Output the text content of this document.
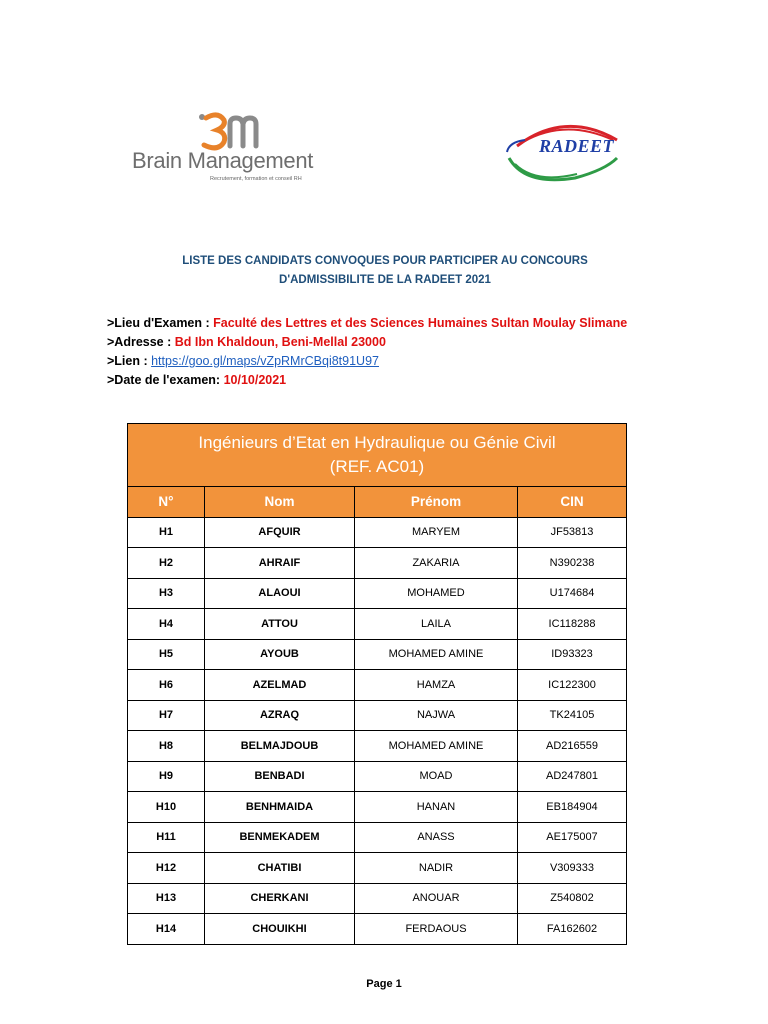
Brain Management
Recrutement, formation et conseil RH
RADEET
LISTE DES CANDIDATS CONVOQUES POUR PARTICIPER AU CONCOURS
D'ADMISSIBILITE DE LA RADEET 2021
>Lieu d'Examen : Faculté des Lettres et des Sciences Humaines Sultan Moulay Slimane
>Adresse : Bd Ibn Khaldoun, Beni-Mellal 23000
>Lien : https://goo.gl/maps/vZpRMrCBqi8t91U97
>Date de l'examen: 10/10/2021
Ingénieurs d’Etat en Hydraulique ou Génie Civil
(REF. AC01)
N°	Nom	Prénom	CIN
H1	AFQUIR	MARYEM	JF53813
H2	AHRAIF	ZAKARIA	N390238
H3	ALAOUI	MOHAMED	U174684
H4	ATTOU	LAILA	IC118288
H5	AYOUB	MOHAMED AMINE	ID93323
H6	AZELMAD	HAMZA	IC122300
H7	AZRAQ	NAJWA	TK24105
H8	BELMAJDOUB	MOHAMED AMINE	AD216559
H9	BENBADI	MOAD	AD247801
H10	BENHMAIDA	HANAN	EB184904
H11	BENMEKADEM	ANASS	AE175007
H12	CHATIBI	NADIR	V309333
H13	CHERKANI	ANOUAR	Z540802
H14	CHOUIKHI	FERDAOUS	FA162602
Page 1
